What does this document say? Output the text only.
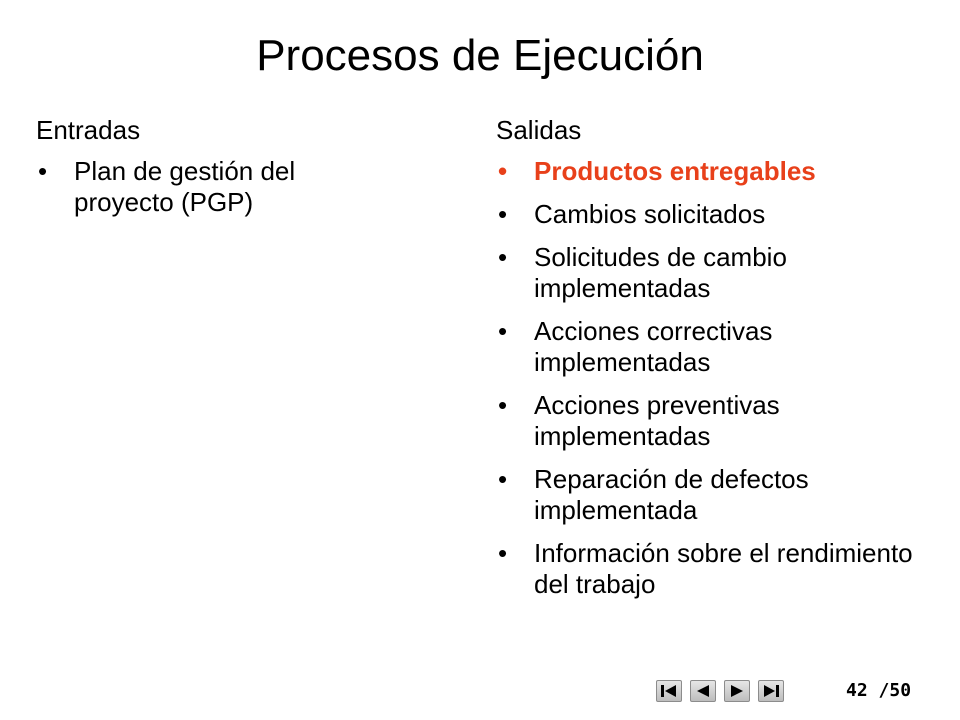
Procesos de Ejecución
Entradas
• Plan de gestión del proyecto (PGP)
Salidas
• Productos entregables
• Cambios solicitados
• Solicitudes de cambio implementadas
• Acciones correctivas implementadas
• Acciones preventivas implementadas
• Reparación de defectos implementada
• Información sobre el rendimiento del trabajo
42 /50
